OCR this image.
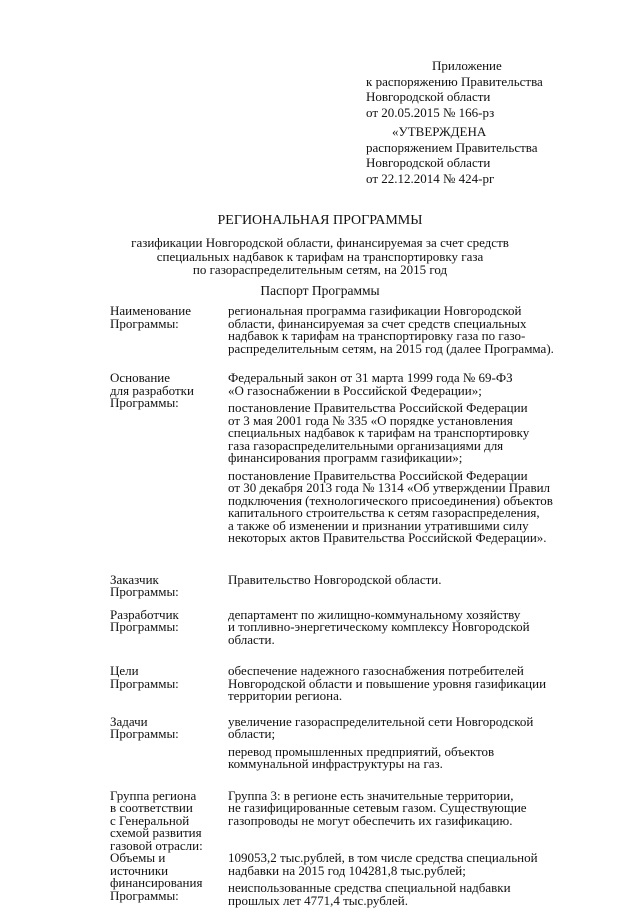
Приложение
к распоряжению Правительства
Новгородской области
от 20.05.2015 № 166-рз
«УТВЕРЖДЕНА
распоряжением Правительства
Новгородской области
от 22.12.2014 № 424-рг
РЕГИОНАЛЬНАЯ ПРОГРАММЫ
газификации Новгородской области, финансируемая за счет средств
специальных надбавок к тарифам на транспортировку газа
по газораспределительным сетям, на 2015 год
Паспорт Программы
Наименование
Программы:

региональная программа газификации Новгородской
области, финансируемая за счет средств специальных
надбавок к тарифам на транспортировку газа по газо-
распределительным сетям, на 2015 год (далее Программа).

Основание
для разработки
Программы:

Федеральный закон от 31 марта 1999 года № 69-ФЗ
«О газоснабжении в Российской Федерации»;

постановление Правительства Российской Федерации
от 3 мая 2001 года № 335 «О порядке установления
специальных надбавок к тарифам на транспортировку
газа газораспределительными организациями для
финансирования программ газификации»;

постановление Правительства Российской Федерации
от 30 декабря 2013 года № 1314 «Об утверждении Правил
подключения (технологического присоединения) объектов
капитального строительства к сетям газораспределения,
а также об изменении и признании утратившими силу
некоторых актов Правительства Российской Федерации».

Заказчик
Программы:

Правительство Новгородской области.

Разработчик
Программы:

департамент по жилищно-коммунальному хозяйству
и топливно-энергетическому комплексу Новгородской
области.

Цели
Программы:

обеспечение надежного газоснабжения потребителей
Новгородской области и повышение уровня газификации
территории региона.

Задачи
Программы:

увеличение газораспределительной сети Новгородской
области;

перевод промышленных предприятий, объектов
коммунальной инфраструктуры на газ.

Группа региона
в соответствии
с Генеральной
схемой развития
газовой отрасли:

Группа 3: в регионе есть значительные территории,
не газифицированные сетевым газом. Существующие
газопроводы не могут обеспечить их газификацию.

Объемы и
источники
финансирования
Программы:

109053,2 тыс.рублей, в том числе средства специальной
надбавки на 2015 год 104281,8 тыс.рублей;

неиспользованные средства специальной надбавки
прошлых лет 4771,4 тыс.рублей.
